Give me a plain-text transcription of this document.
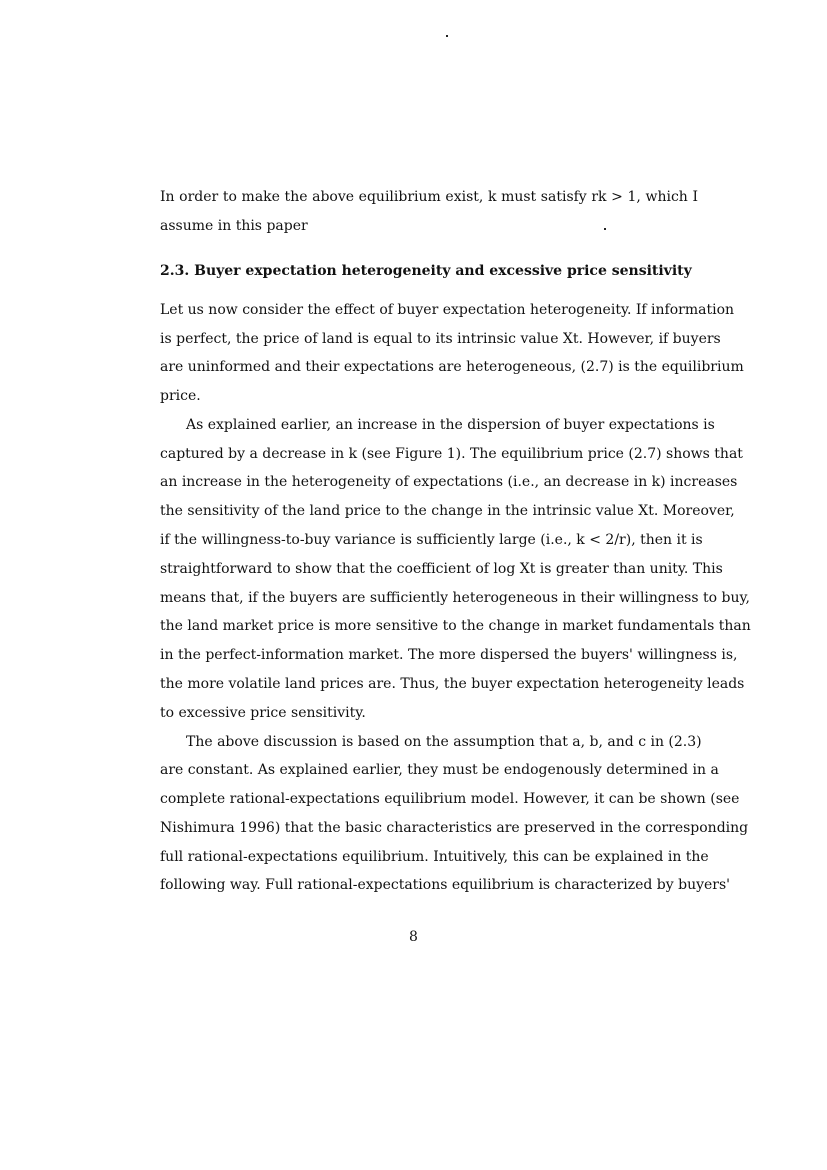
In order to make the above equilibrium exist, k must satisfy rk > 1, which I
assume in this paper
2.3. Buyer expectation heterogeneity and excessive price sensitivity
Let us now consider the effect of buyer expectation heterogeneity. If information
is perfect, the price of land is equal to its intrinsic value Xt. However, if buyers
are uninformed and their expectations are heterogeneous, (2.7) is the equilibrium
price.
As explained earlier, an increase in the dispersion of buyer expectations is
captured by a decrease in k (see Figure 1). The equilibrium price (2.7) shows that
an increase in the heterogeneity of expectations (i.e., an decrease in k) increases
the sensitivity of the land price to the change in the intrinsic value Xt. Moreover,
if the willingness-to-buy variance is sufficiently large (i.e., k < 2/r), then it is
straightforward to show that the coefficient of log Xt is greater than unity. This
means that, if the buyers are sufficiently heterogeneous in their willingness to buy,
the land market price is more sensitive to the change in market fundamentals than
in the perfect-information market. The more dispersed the buyers' willingness is,
the more volatile land prices are. Thus, the buyer expectation heterogeneity leads
to excessive price sensitivity.
The above discussion is based on the assumption that a, b, and c in (2.3)
are constant. As explained earlier, they must be endogenously determined in a
complete rational-expectations equilibrium model. However, it can be shown (see
Nishimura 1996) that the basic characteristics are preserved in the corresponding
full rational-expectations equilibrium. Intuitively, this can be explained in the
following way. Full rational-expectations equilibrium is characterized by buyers'
8
